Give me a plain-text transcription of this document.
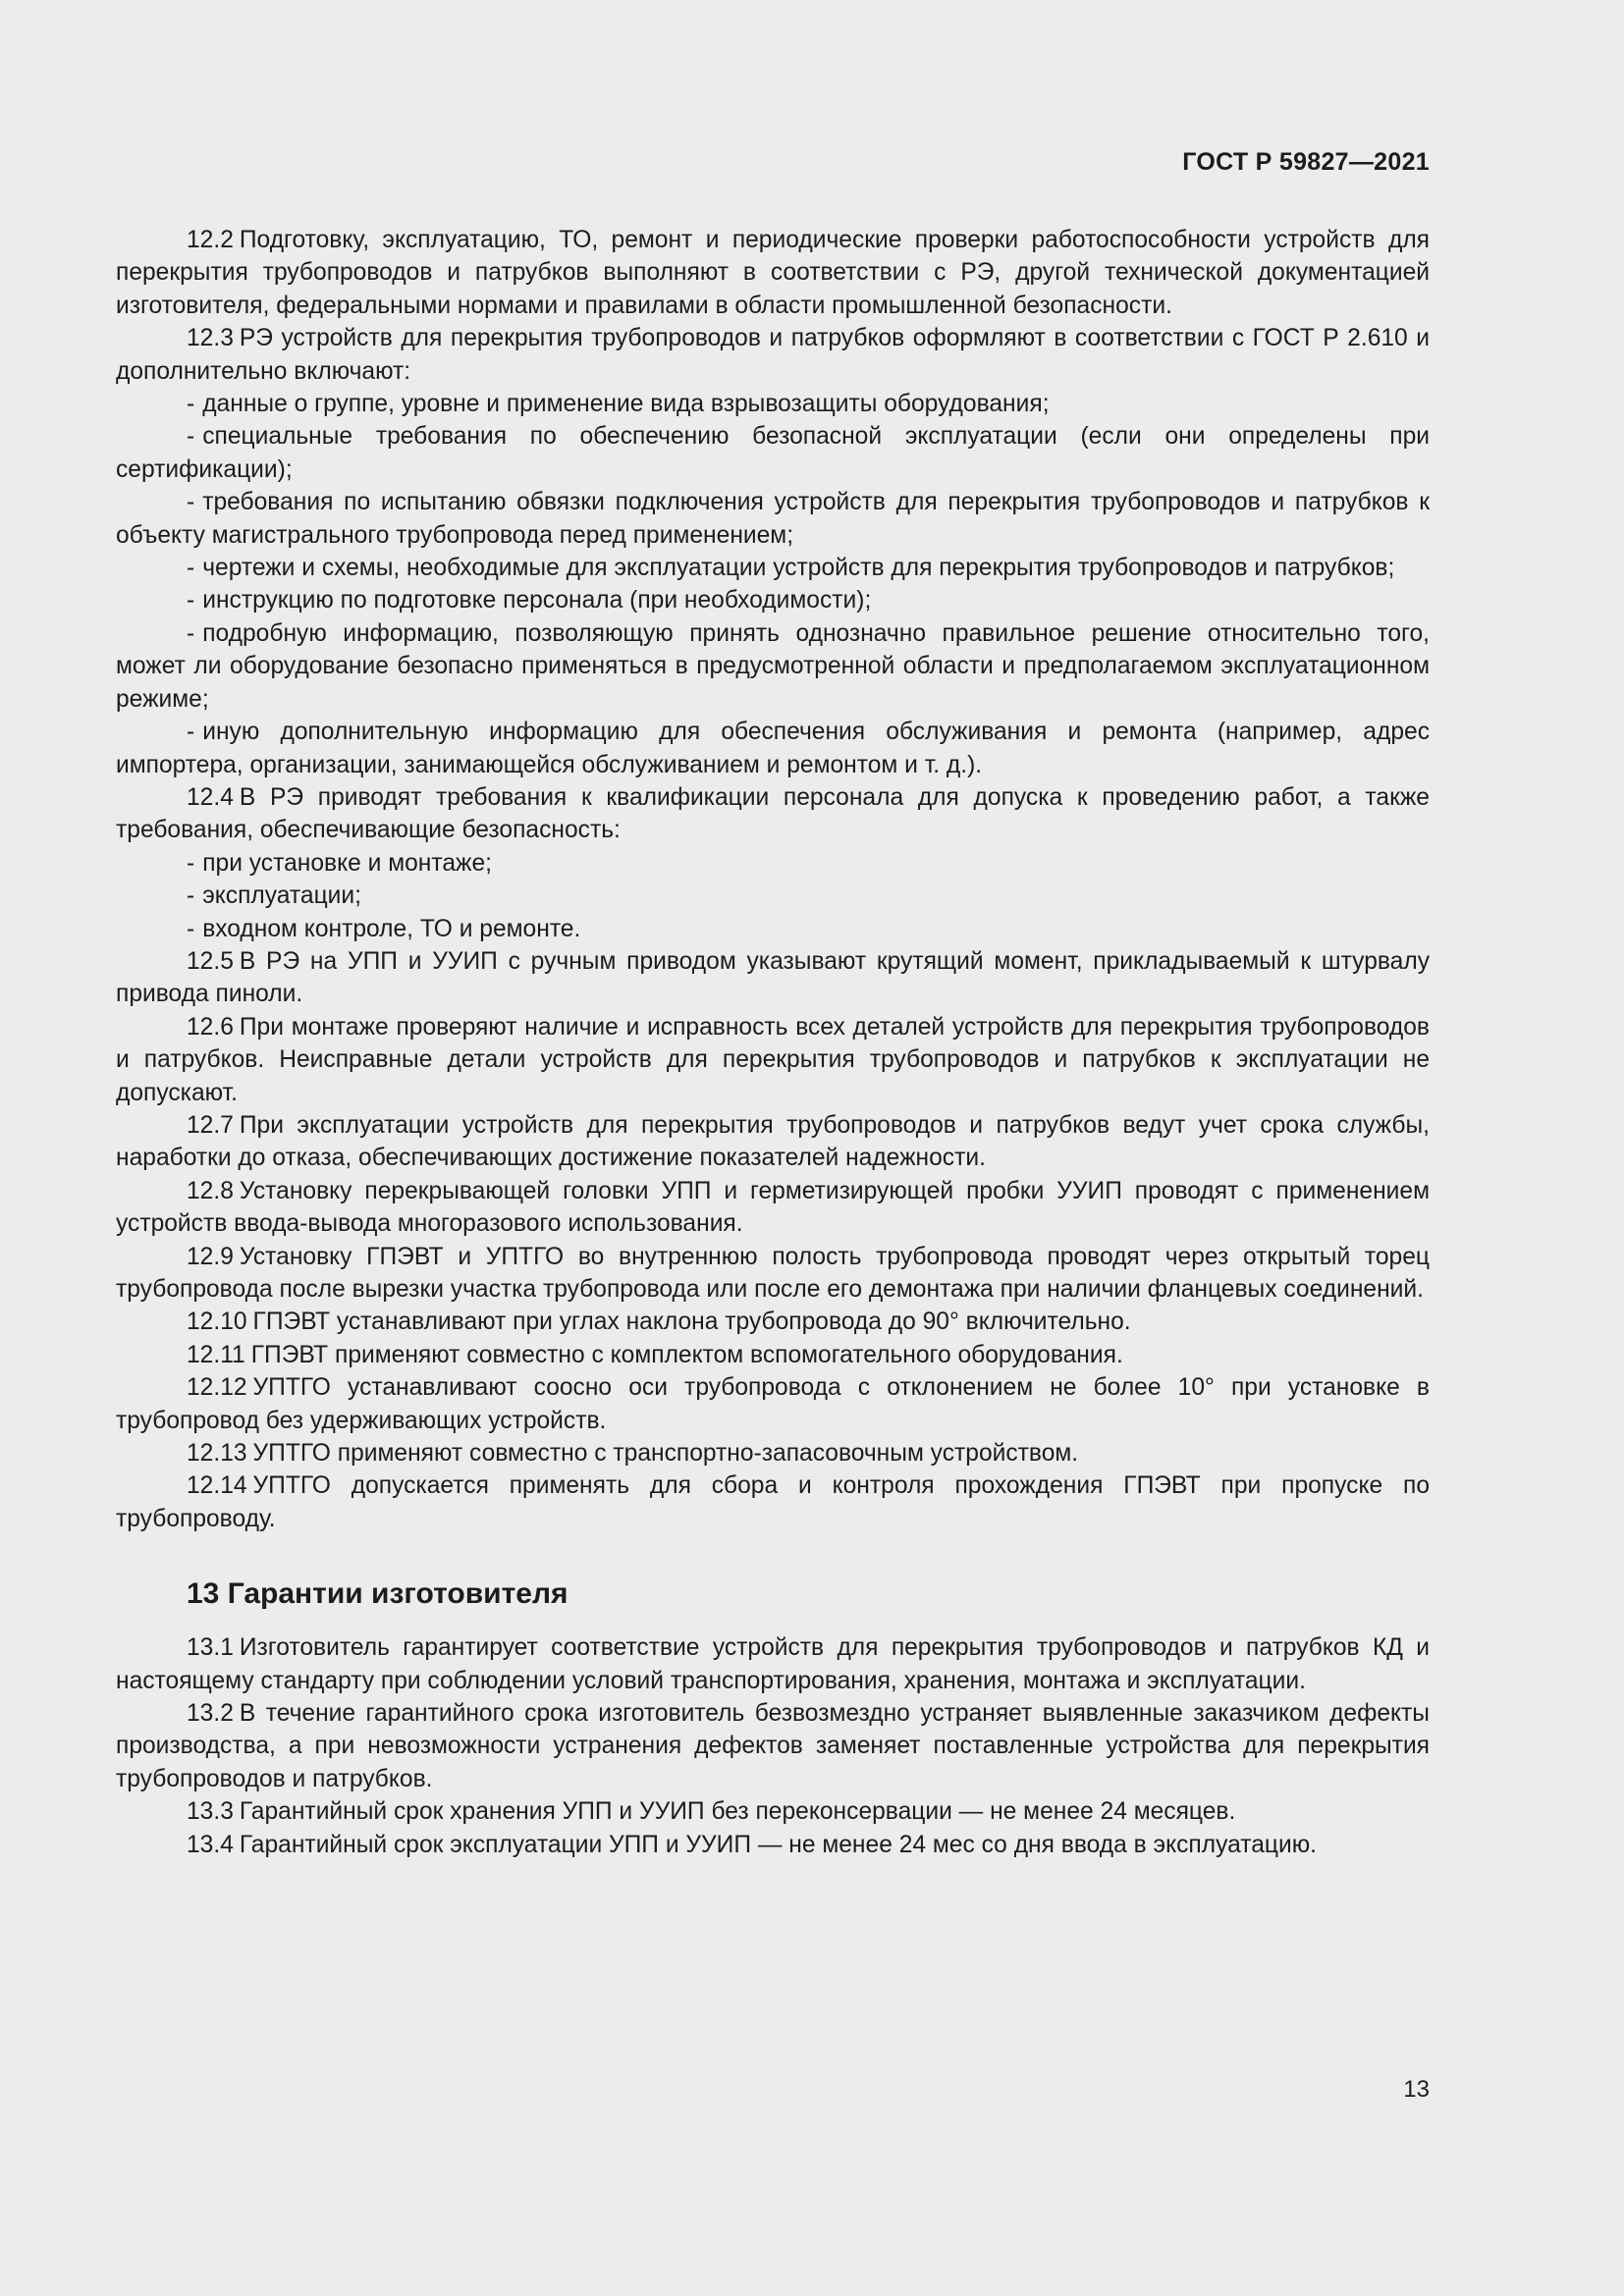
ГОСТ Р 59827—2021

12.2 Подготовку, эксплуатацию, ТО, ремонт и периодические проверки работоспособности устройств для перекрытия трубопроводов и патрубков выполняют в соответствии с РЭ, другой технической документацией изготовителя, федеральными нормами и правилами в области промышленной безопасности.

12.3 РЭ устройств для перекрытия трубопроводов и патрубков оформляют в соответствии с ГОСТ Р 2.610 и дополнительно включают:

- данные о группе, уровне и применение вида взрывозащиты оборудования;

- специальные требования по обеспечению безопасной эксплуатации (если они определены при сертификации);

- требования по испытанию обвязки подключения устройств для перекрытия трубопроводов и патрубков к объекту магистрального трубопровода перед применением;

- чертежи и схемы, необходимые для эксплуатации устройств для перекрытия трубопроводов и патрубков;

- инструкцию по подготовке персонала (при необходимости);

- подробную информацию, позволяющую принять однозначно правильное решение относительно того, может ли оборудование безопасно применяться в предусмотренной области и предполагаемом эксплуатационном режиме;

- иную дополнительную информацию для обеспечения обслуживания и ремонта (например, адрес импортера, организации, занимающейся обслуживанием и ремонтом и т. д.).

12.4 В РЭ приводят требования к квалификации персонала для допуска к проведению работ, а также требования, обеспечивающие безопасность:

- при установке и монтаже;

- эксплуатации;

- входном контроле, ТО и ремонте.

12.5 В РЭ на УПП и УУИП с ручным приводом указывают крутящий момент, прикладываемый к штурвалу привода пиноли.

12.6 При монтаже проверяют наличие и исправность всех деталей устройств для перекрытия трубопроводов и патрубков. Неисправные детали устройств для перекрытия трубопроводов и патрубков к эксплуатации не допускают.

12.7 При эксплуатации устройств для перекрытия трубопроводов и патрубков ведут учет срока службы, наработки до отказа, обеспечивающих достижение показателей надежности.

12.8 Установку перекрывающей головки УПП и герметизирующей пробки УУИП проводят с применением устройств ввода-вывода многоразового использования.

12.9 Установку ГПЭВТ и УПТГО во внутреннюю полость трубопровода проводят через открытый торец трубопровода после вырезки участка трубопровода или после его демонтажа при наличии фланцевых соединений.

12.10 ГПЭВТ устанавливают при углах наклона трубопровода до 90° включительно.

12.11 ГПЭВТ применяют совместно с комплектом вспомогательного оборудования.

12.12 УПТГО устанавливают соосно оси трубопровода с отклонением не более 10° при установке в трубопровод без удерживающих устройств.

12.13 УПТГО применяют совместно с транспортно-запасовочным устройством.

12.14 УПТГО допускается применять для сбора и контроля прохождения ГПЭВТ при пропуске по трубопроводу.

13 Гарантии изготовителя

13.1 Изготовитель гарантирует соответствие устройств для перекрытия трубопроводов и патрубков КД и настоящему стандарту при соблюдении условий транспортирования, хранения, монтажа и эксплуатации.

13.2 В течение гарантийного срока изготовитель безвозмездно устраняет выявленные заказчиком дефекты производства, а при невозможности устранения дефектов заменяет поставленные устройства для перекрытия трубопроводов и патрубков.

13.3 Гарантийный срок хранения УПП и УУИП без переконсервации — не менее 24 месяцев.

13.4 Гарантийный срок эксплуатации УПП и УУИП — не менее 24 мес со дня ввода в эксплуатацию.

13
